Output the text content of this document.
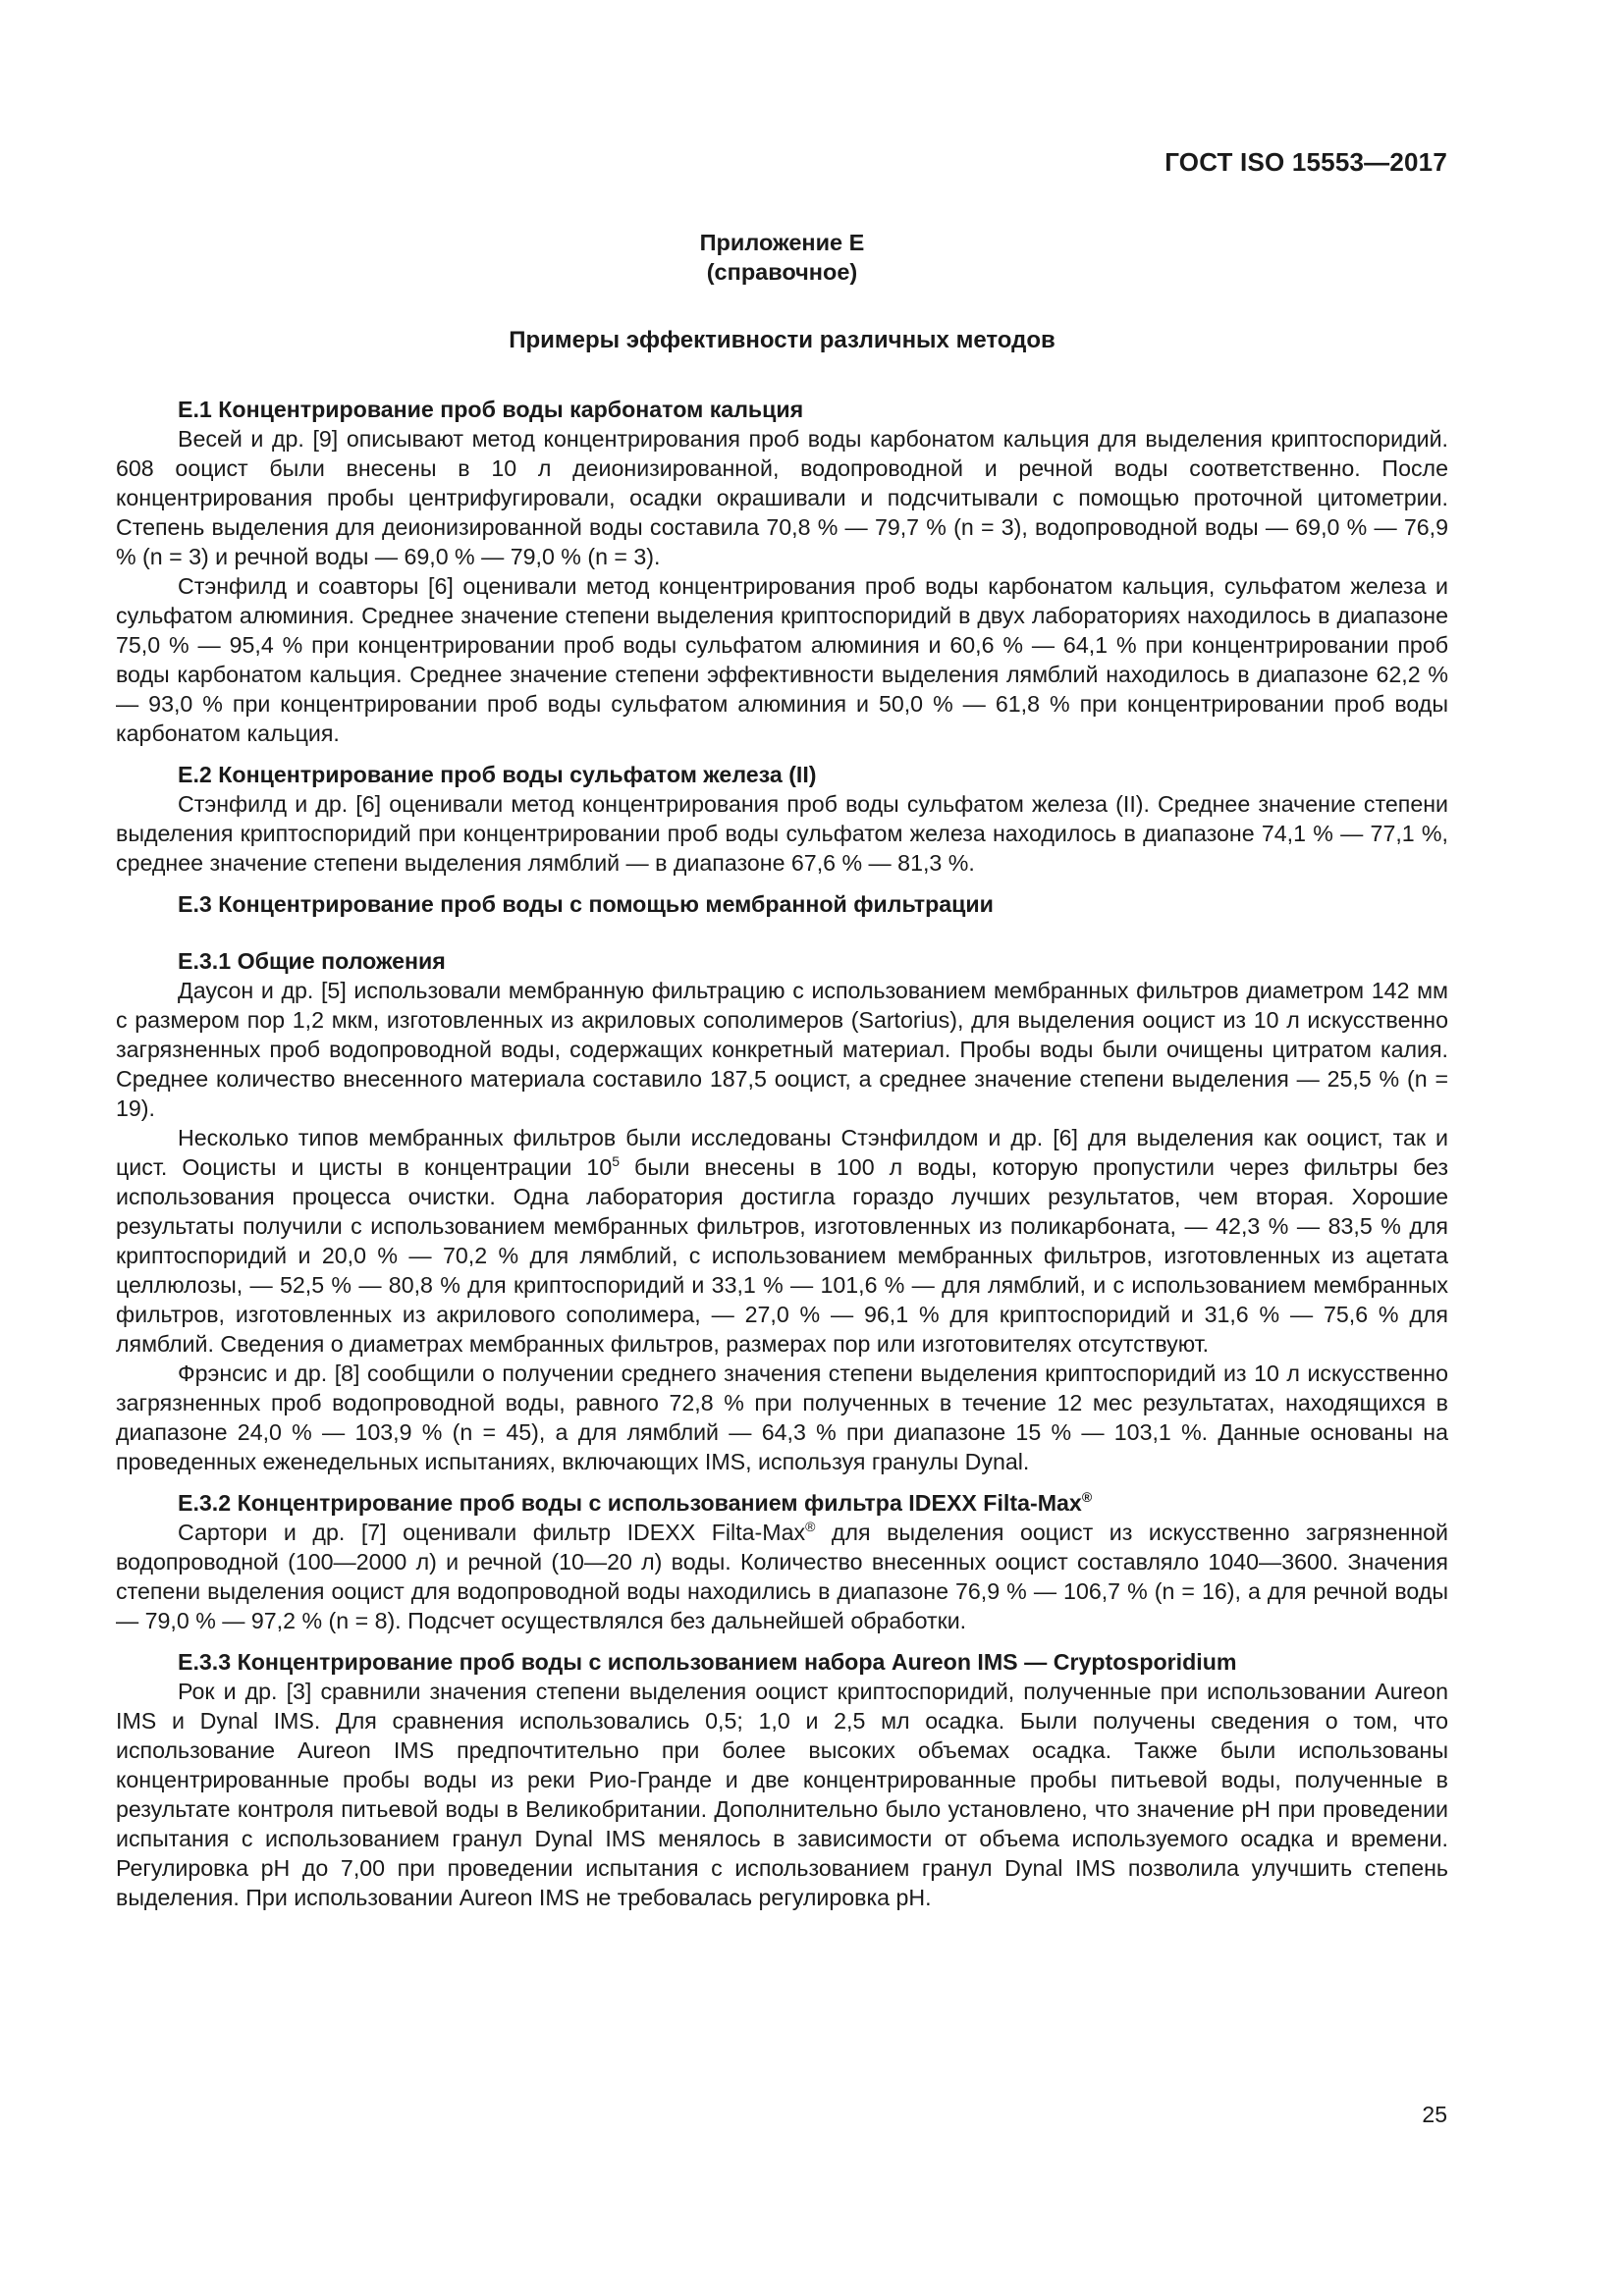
ГОСТ ISO 15553—2017
Приложение Е
(справочное)
Примеры эффективности различных методов
Е.1 Концентрирование проб воды карбонатом кальция

Весей и др. [9] описывают метод концентрирования проб воды карбонатом кальция для выделения криптоспоридий. 608 ооцист были внесены в 10 л деионизированной, водопроводной и речной воды соответственно. После концентрирования пробы центрифугировали, осадки окрашивали и подсчитывали с помощью проточной цитометрии. Степень выделения для деионизированной воды составила 70,8 % — 79,7 % (n = 3), водопроводной воды — 69,0 % — 76,9 % (n = 3) и речной воды — 69,0 % — 79,0 % (n = 3).

Стэнфилд и соавторы [6] оценивали метод концентрирования проб воды карбонатом кальция, сульфатом железа и сульфатом алюминия. Среднее значение степени выделения криптоспоридий в двух лабораториях находилось в диапазоне 75,0 % — 95,4 % при концентрировании проб воды сульфатом алюминия и 60,6 % — 64,1 % при концентрировании проб воды карбонатом кальция. Среднее значение степени эффективности выделения лямблий находилось в диапазоне 62,2 % — 93,0 % при концентрировании проб воды сульфатом алюминия и 50,0 % — 61,8 % при концентрировании проб воды карбонатом кальция.

Е.2 Концентрирование проб воды сульфатом железа (II)

Стэнфилд и др. [6] оценивали метод концентрирования проб воды сульфатом железа (II). Среднее значение степени выделения криптоспоридий при концентрировании проб воды сульфатом железа находилось в диапазоне 74,1 % — 77,1 %, среднее значение степени выделения лямблий — в диапазоне 67,6 % — 81,3 %.

Е.3 Концентрирование проб воды с помощью мембранной фильтрации
Е.3.1 Общие положения

Даусон и др. [5] использовали мембранную фильтрацию с использованием мембранных фильтров диаметром 142 мм с размером пор 1,2 мкм, изготовленных из акриловых сополимеров (Sartorius), для выделения ооцист из 10 л искусственно загрязненных проб водопроводной воды, содержащих конкретный материал. Пробы воды были очищены цитратом калия. Среднее количество внесенного материала составило 187,5 ооцист, а среднее значение степени выделения — 25,5 % (n = 19).

Несколько типов мембранных фильтров были исследованы Стэнфилдом и др. [6] для выделения как ооцист, так и цист. Ооцисты и цисты в концентрации $10^5$ были внесены в 100 л воды, которую пропустили через фильтры без использования процесса очистки. Одна лаборатория достигла гораздо лучших результатов, чем вторая. Хорошие результаты получили с использованием мембранных фильтров, изготовленных из поликарбоната, — 42,3 % — 83,5 % для криптоспоридий и 20,0 % — 70,2 % для лямблий, с использованием мембранных фильтров, изготовленных из ацетата целлюлозы, — 52,5 % — 80,8 % для криптоспоридий и 33,1 % — 101,6 % — для лямблий, и с использованием мембранных фильтров, изготовленных из акрилового сополимера, — 27,0 % — 96,1 % для криптоспоридий и 31,6 % — 75,6 % для лямблий. Сведения о диаметрах мембранных фильтров, размерах пор или изготовителях отсутствуют.

Фрэнсис и др. [8] сообщили о получении среднего значения степени выделения криптоспоридий из 10 л искусственно загрязненных проб водопроводной воды, равного 72,8 % при полученных в течение 12 мес результатах, находящихся в диапазоне 24,0 % — 103,9 % (n = 45), а для лямблий — 64,3 % при диапазоне 15 % — 103,1 %. Данные основаны на проведенных еженедельных испытаниях, включающих IMS, используя гранулы Dynal.

Е.3.2 Концентрирование проб воды с использованием фильтра IDEXX Filta-Max®

Сартори и др. [7] оценивали фильтр IDEXX Filta-Max® для выделения ооцист из искусственно загрязненной водопроводной (100—2000 л) и речной (10—20 л) воды. Количество внесенных ооцист составляло 1040—3600. Значения степени выделения ооцист для водопроводной воды находились в диапазоне 76,9 % — 106,7 % (n = 16), а для речной воды — 79,0 % — 97,2 % (n = 8). Подсчет осуществлялся без дальнейшей обработки.

Е.3.3 Концентрирование проб воды с использованием набора Aureon IMS — Cryptosporidium

Рок и др. [3] сравнили значения степени выделения ооцист криптоспоридий, полученные при использовании Aureon IMS и Dynal IMS. Для сравнения использовались 0,5; 1,0 и 2,5 мл осадка. Были получены сведения о том, что использование Aureon IMS предпочтительно при более высоких объемах осадка. Также были использованы концентрированные пробы воды из реки Рио-Гранде и две концентрированные пробы питьевой воды, полученные в результате контроля питьевой воды в Великобритании. Дополнительно было установлено, что значение рН при проведении испытания с использованием гранул Dynal IMS менялось в зависимости от объема используемого осадка и времени. Регулировка рН до 7,00 при проведении испытания с использованием гранул Dynal IMS позволила улучшить степень выделения. При использовании Aureon IMS не требовалась регулировка рН.

25
